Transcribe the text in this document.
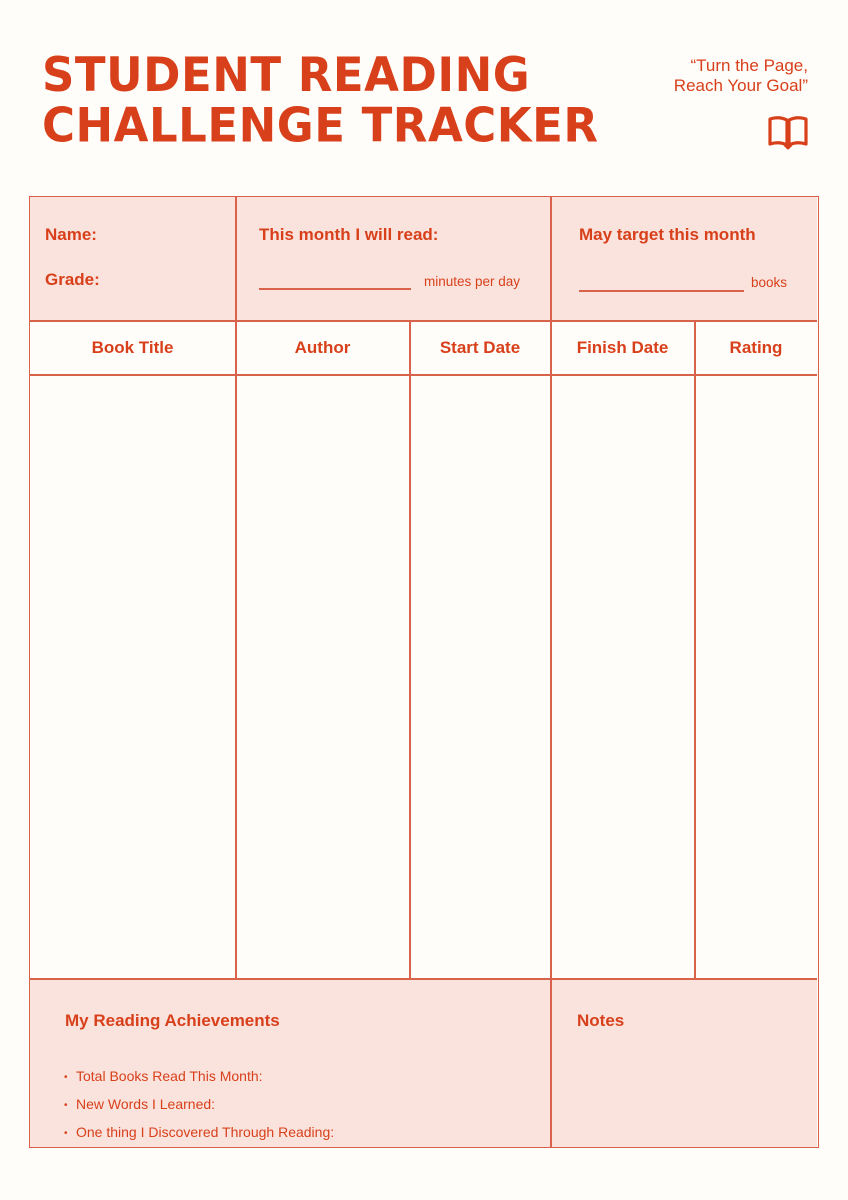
STUDENT READING
CHALLENGE TRACKER
“Turn the Page,
Reach Your Goal”
Name:
Grade:
This month I will read:
minutes per day
May target this month
books
Book Title	Author	Start Date	Finish Date	Rating
My Reading Achievements
• Total Books Read This Month:
• New Words I Learned:
• One thing I Discovered Through Reading:
Notes
